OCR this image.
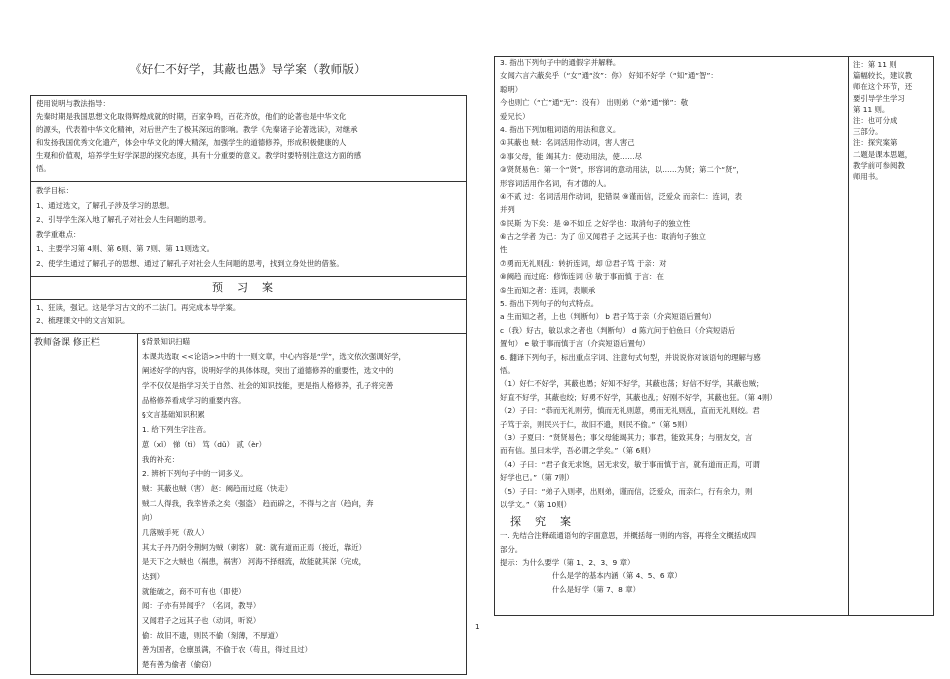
《好仁不好学，其蔽也愚》导学案（教师版）
使用说明与教法指导：
先秦时期是我国思想文化取得辉煌成就的时期，百家争鸣，百花齐放，他们的论著也是中华文化
的源头，代表着中华文化精神，对后世产生了极其深远的影响。教学《先秦诸子论著选读》，对继承
和发扬我国优秀文化遗产，体会中华文化的博大精深，加强学生的道德修养，形成积极健康的人
生观和价值观，培养学生好学深思的探究态度，具有十分重要的意义。教学时要特别注意这方面的感
悟。
教学目标：
1、通过选文，了解孔子涉及学习的思想。
2、引导学生深入地了解孔子对社会人生问题的思考。
教学重难点：
1、主要学习第 4则、第 6则、第 7则、第 11则选文。
2、使学生通过了解孔子的思想、通过了解孔子对社会人生问题的思考，找到立身处世的借鉴。
预习案
1、狂读，强记。这是学习古文的不二法门。再完成本导学案。
2、梳理课文中的文言知识。
教师备课 修正栏	§背景知识扫瞄
本课共选取 <<论语>>中的十一则文章，中心内容是“学”，选文依次强调好学，
阐述好学的内容，说明好学的具体体现，突出了道德修养的重要性，选文中的
学不仅仅是指学习关于自然、社会的知识技能，更是指人格修养，孔子将完善
品格修养看成学习的重要内容。
§文言基础知识积累
1. 给下列生字注音。
葸（xǐ） 悌（tì） 笃（dǔ） 贰（èr）
我的补充：
2. 辨析下列句子中的一词多义。
贼：其蔽也贼（害） 赵：阙趋而过庭（快走）
贼二人得我，我幸皆杀之矣（强盗） 趋而辟之，不得与之言（趋向，奔
向）
几落贼手死（敌人）
其太子丹乃阴令荆轲为贼（刺客） 就：就有道而正焉（接近，靠近）
是天下之大贼也（祸患，祸害） 河海不择细流，故能就其深（完成，
达到）
就能破之，商不可有也（即使）
闻：子亦有异闻乎？（名词，教导）
又闻君子之远其子也（动词，听说）
偷：故旧不遗，则民不偷（刻薄，不厚道）
善为国者，仓廪虽满，不偷于农（苟且，得过且过）
楚有善为偷者（偷窃）
3. 指出下列句子中的通假字并解释。
女闻六言六蔽矣乎（“女”通“汝”：你） 好知不好学（“知”通“智”：
聪明）
今也则亡（“亡”通“无”：没有） 出则弟（“弟”通“悌”：敬
爱兄长）
4. 指出下列加粗词语的用法和意义。
①其蔽也 贼：名词活用作动词，害人害己
②事父母，能 竭其力：使动用法，使……尽
③贤贤易色：第一个“贤”，形容词的意动用法，以……为贤；第二个“贤”，
形容词活用作名词，有才德的人。
④不贰 过：名词活用作动词，犯错误 ⑨谨而信，泛爱众 而亲仁：连词，表
并列
⑤民斯 为下矣：是 ⑩不如丘 之好学也：取消句子的独立性
⑥古之学者 为己：为了 ⑪又闻君子 之远其子也：取消句子独立
性
⑦勇而无礼则乱：转折连词，却 ⑫君子笃 于亲：对
⑧阙趋 而过庭：修饰连词 ⑭ 敏于事而慎 于言：在
⑤生而知之者：连词，表顺承
5. 指出下列句子的句式特点。
a 生而知之者，上也（判断句） b 君子笃于亲（介宾短语后置句）
c（我）好古，敏以求之者也（判断句） d 陈亢问于伯鱼曰（介宾短语后
置句） e 敏于事而慎于言（介宾短语后置句）
6. 翻译下列句子，标出重点字词、注意句式句型，并说说你对该语句的理解与感
悟。
（1）好仁不好学，其蔽也愚；好知不好学，其蔽也荡；好信不好学，其蔽也贼；
好直不好学，其蔽也绞；好勇不好学，其蔽也乱；好刚不好学，其蔽也狂。（第 4则）
（2）子曰：“恭而无礼则劳，慎而无礼则葸，勇而无礼则乱，直而无礼则绞。君
子笃于亲，则民兴于仁，故旧不遗，则民不偷。”（第 5则）
（3）子夏曰：“贤贤易色；事父母能竭其力；事君，能致其身；与朋友交，言
而有信。虽曰未学，吾必谓之学矣。”（第 6则）
（4）子曰：“君子食无求饱，居无求安，敏于事而慎于言，就有道而正焉，可谓
好学也已。”（第 7则）
（5）子曰：“弟子入则孝，出则弟，谨而信，泛爱众，而亲仁，行有余力，则
以学文。”（第 10则）
探究案
一. 先结合注释疏通语句的字面意思，并概括每一则的内容，再将全文概括成四
部分。
提示：为什么要学（第 1、2、3、9 章）
什么是学的基本内涵（第 4、5、6 章）
什么是好学（第 7、8 章）
注：第 11 则
篇幅较长，建议教
师在这个环节，还
要引导学生学习
第 11 则。
注：也可分成
三部分。
注：探究案第
二题是课本思题，
教学前可参阅教
师用书。
1
